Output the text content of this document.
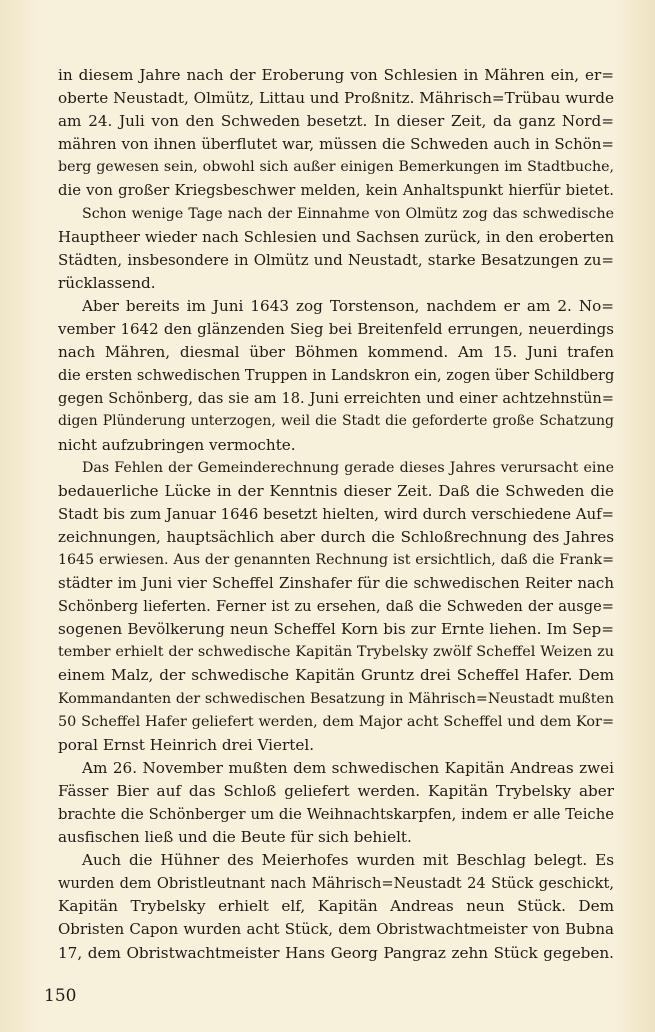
in diesem Jahre nach der Eroberung von Schlesien in Mähren ein, er=
oberte Neustadt, Olmütz, Littau und Proßnitz. Mährisch=Trübau wurde
am 24. Juli von den Schweden besetzt. In dieser Zeit, da ganz Nord=
mähren von ihnen überflutet war, müssen die Schweden auch in Schön=
berg gewesen sein, obwohl sich außer einigen Bemerkungen im Stadtbuche,
die von großer Kriegsbeschwer melden, kein Anhaltspunkt hierfür bietet.
Schon wenige Tage nach der Einnahme von Olmütz zog das schwedische
Hauptheer wieder nach Schlesien und Sachsen zurück, in den eroberten
Städten, insbesondere in Olmütz und Neustadt, starke Besatzungen zu=
rücklassend.
Aber bereits im Juni 1643 zog Torstenson, nachdem er am 2. No=
vember 1642 den glänzenden Sieg bei Breitenfeld errungen, neuerdings
nach Mähren, diesmal über Böhmen kommend. Am 15. Juni trafen
die ersten schwedischen Truppen in Landskron ein, zogen über Schildberg
gegen Schönberg, das sie am 18. Juni erreichten und einer achtzehnstün=
digen Plünderung unterzogen, weil die Stadt die geforderte große Schatzung
nicht aufzubringen vermochte.
Das Fehlen der Gemeinderechnung gerade dieses Jahres verursacht eine
bedauerliche Lücke in der Kenntnis dieser Zeit. Daß die Schweden die
Stadt bis zum Januar 1646 besetzt hielten, wird durch verschiedene Auf=
zeichnungen, hauptsächlich aber durch die Schloßrechnung des Jahres
1645 erwiesen. Aus der genannten Rechnung ist ersichtlich, daß die Frank=
städter im Juni vier Scheffel Zinshafer für die schwedischen Reiter nach
Schönberg lieferten. Ferner ist zu ersehen, daß die Schweden der ausge=
sogenen Bevölkerung neun Scheffel Korn bis zur Ernte liehen. Im Sep=
tember erhielt der schwedische Kapitän Trybelsky zwölf Scheffel Weizen zu
einem Malz, der schwedische Kapitän Gruntz drei Scheffel Hafer. Dem
Kommandanten der schwedischen Besatzung in Mährisch=Neustadt mußten
50 Scheffel Hafer geliefert werden, dem Major acht Scheffel und dem Kor=
poral Ernst Heinrich drei Viertel.
Am 26. November mußten dem schwedischen Kapitän Andreas zwei
Fässer Bier auf das Schloß geliefert werden. Kapitän Trybelsky aber
brachte die Schönberger um die Weihnachtskarpfen, indem er alle Teiche
ausfischen ließ und die Beute für sich behielt.
Auch die Hühner des Meierhofes wurden mit Beschlag belegt. Es
wurden dem Obristleutnant nach Mährisch=Neustadt 24 Stück geschickt,
Kapitän Trybelsky erhielt elf, Kapitän Andreas neun Stück. Dem
Obristen Capon wurden acht Stück, dem Obristwachtmeister von Bubna
17, dem Obristwachtmeister Hans Georg Pangraz zehn Stück gegeben.
150
